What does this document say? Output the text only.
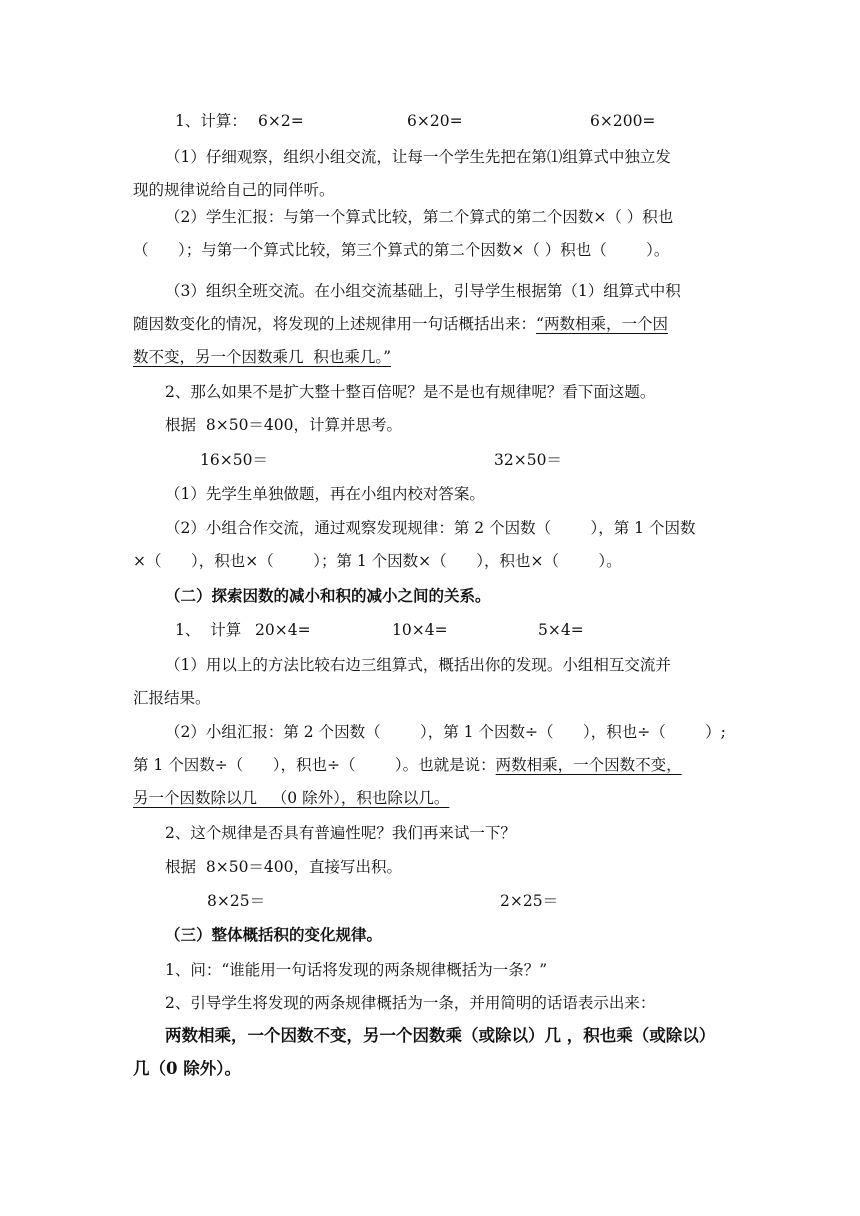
1、计算： 6×2=	6×20=	6×200=
（1）仔细观察，组织小组交流，让每一个学生先把在第⑴组算式中独立发
现的规律说给自己的同伴听。
（2）学生汇报：与第一个算式比较，第二个算式的第二个因数×（ ）积也
（      ）；与第一个算式比较，第三个算式的第二个因数×（ ）积也（        ）。
（3）组织全班交流。在小组交流基础上，引导学生根据第（1）组算式中积
随因数变化的情况，将发现的上述规律用一句话概括出来：“两数相乘，一个因
数不变，另一个因数乘几  积也乘几。”
2、那么如果不是扩大整十整百倍呢？是不是也有规律呢？看下面这题。
根据  8×50＝400，计算并思考。
16×50＝	32×50＝
（1）先学生单独做题，再在小组内校对答案。
（2）小组合作交流，通过观察发现规律：第 2 个因数（        ），第 1 个因数
×（      ），积也×（        ）；第 1 个因数×（      ），积也×（        ）。
（二）探索因数的减小和积的减小之间的关系。
1、  计算 20×4=	10×4=	5×4=
（1）用以上的方法比较右边三组算式，概括出你的发现。小组相互交流并
汇报结果。
（2）小组汇报：第 2 个因数（        ），第 1 个因数÷（      ），积也÷（        ）;
第 1 个因数÷（      ），积也÷（        ）。也就是说：两数相乘，一个因数不变，
另一个因数除以几   （0 除外），积也除以几。
2、这个规律是否具有普遍性呢？我们再来试一下？
根据  8×50＝400，直接写出积。
8×25＝	2×25＝
（三）整体概括积的变化规律。
1、问：“谁能用一句话将发现的两条规律概括为一条？”
2、引导学生将发现的两条规律概括为一条，并用简明的话语表示出来：
两数相乘，一个因数不变，另一个因数乘（或除以）几 ，积也乘（或除以）
几（0 除外）。
